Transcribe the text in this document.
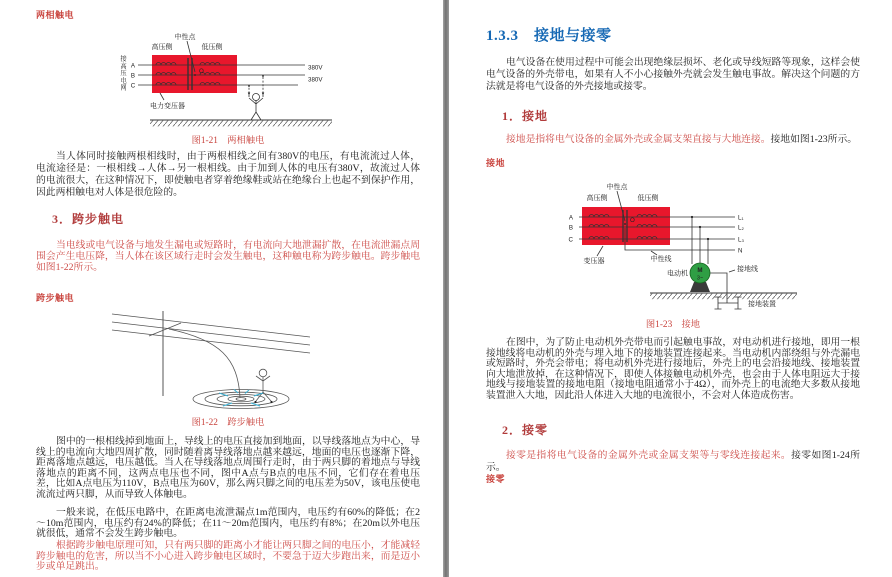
两相触电
A
B
C
O
中性点
高压侧	低压侧
380V
380V
电力变压器
接高压电网
图1-21　两相触电

当人体同时接触两根相线时，由于两根相线之间有380V的电压，有电流流过人体，电流途径是：一根相线→人体→另一根相线。由于加到人体的电压有380V，故流过人体的电流很大，在这种情况下，即使触电者穿着绝缘鞋或站在绝缘台上也起不到保护作用，因此两相触电对人体是很危险的。

3．跨步触电

当电线或电气设备与地发生漏电或短路时，有电流向大地泄漏扩散，在电流泄漏点周围会产生电压降，当人体在该区域行走时会发生触电，这种触电称为跨步触电。跨步触电如图1-22所示。

跨步触电
图1-22　跨步触电

图中的一根相线掉到地面上，导线上的电压直接加到地面，以导线落地点为中心，导线上的电流向大地四周扩散，同时随着离导线落地点越来越远，地面的电压也逐渐下降，距离落地点越远，电压越低。当人在导线落地点周围行走时，由于两只脚的着地点与导线落地点的距离不同，这两点电压也不同，图中A点与B点的电压不同，它们存在着电压差，比如A点电压为110V，B点电压为60V，那么两只脚之间的电压差为50V，该电压使电流流过两只脚，从而导致人体触电。

一般来说，在低压电路中，在距离电流泄漏点1m范围内，电压约有60%的降低；在2～10m范围内，电压约有24%的降低；在11～20m范围内，电压约有8%；在20m以外电压就很低，通常不会发生跨步触电。

根据跨步触电原理可知，只有两只脚的距离小才能让两只脚之间的电压小，才能减轻跨步触电的危害，所以当不小心进入跨步触电区域时，不要急于迈大步跑出来，而是迈小步或单足跳出。

1.3.3　接地与接零

电气设备在使用过程中可能会出现绝缘层损坏、老化或导线短路等现象，这样会使电气设备的外壳带电，如果有人不小心接触外壳就会发生触电事故。解决这个问题的方法就是将电气设备的外壳接地或接零。

1．接地

接地是指将电气设备的金属外壳或金属支架直接与大地连接。接地如图1-23所示。

接地
A
B
C
O
中性点
高压侧	低压侧
L₁
L₂
L₃
N
变压器	中性线
电动机 M
3~
接地线
接地装置
图1-23　接地

在图中，为了防止电动机外壳带电而引起触电事故，对电动机进行接地，即用一根接地线将电动机的外壳与埋入地下的接地装置连接起来。当电动机内部绕组与外壳漏电或短路时，外壳会带电；将电动机外壳进行接地后，外壳上的电会沿接地线、接地装置向大地泄放掉，在这种情况下，即使人体接触电动机外壳，也会由于人体电阻远大于接地线与接地装置的接地电阻（接地电阻通常小于4Ω），而外壳上的电流绝大多数从接地装置泄入大地，因此沿人体进入大地的电流很小，不会对人体造成伤害。

2．接零

接零是指将电气设备的金属外壳或金属支架等与零线连接起来。接零如图1-24所示。

接零
